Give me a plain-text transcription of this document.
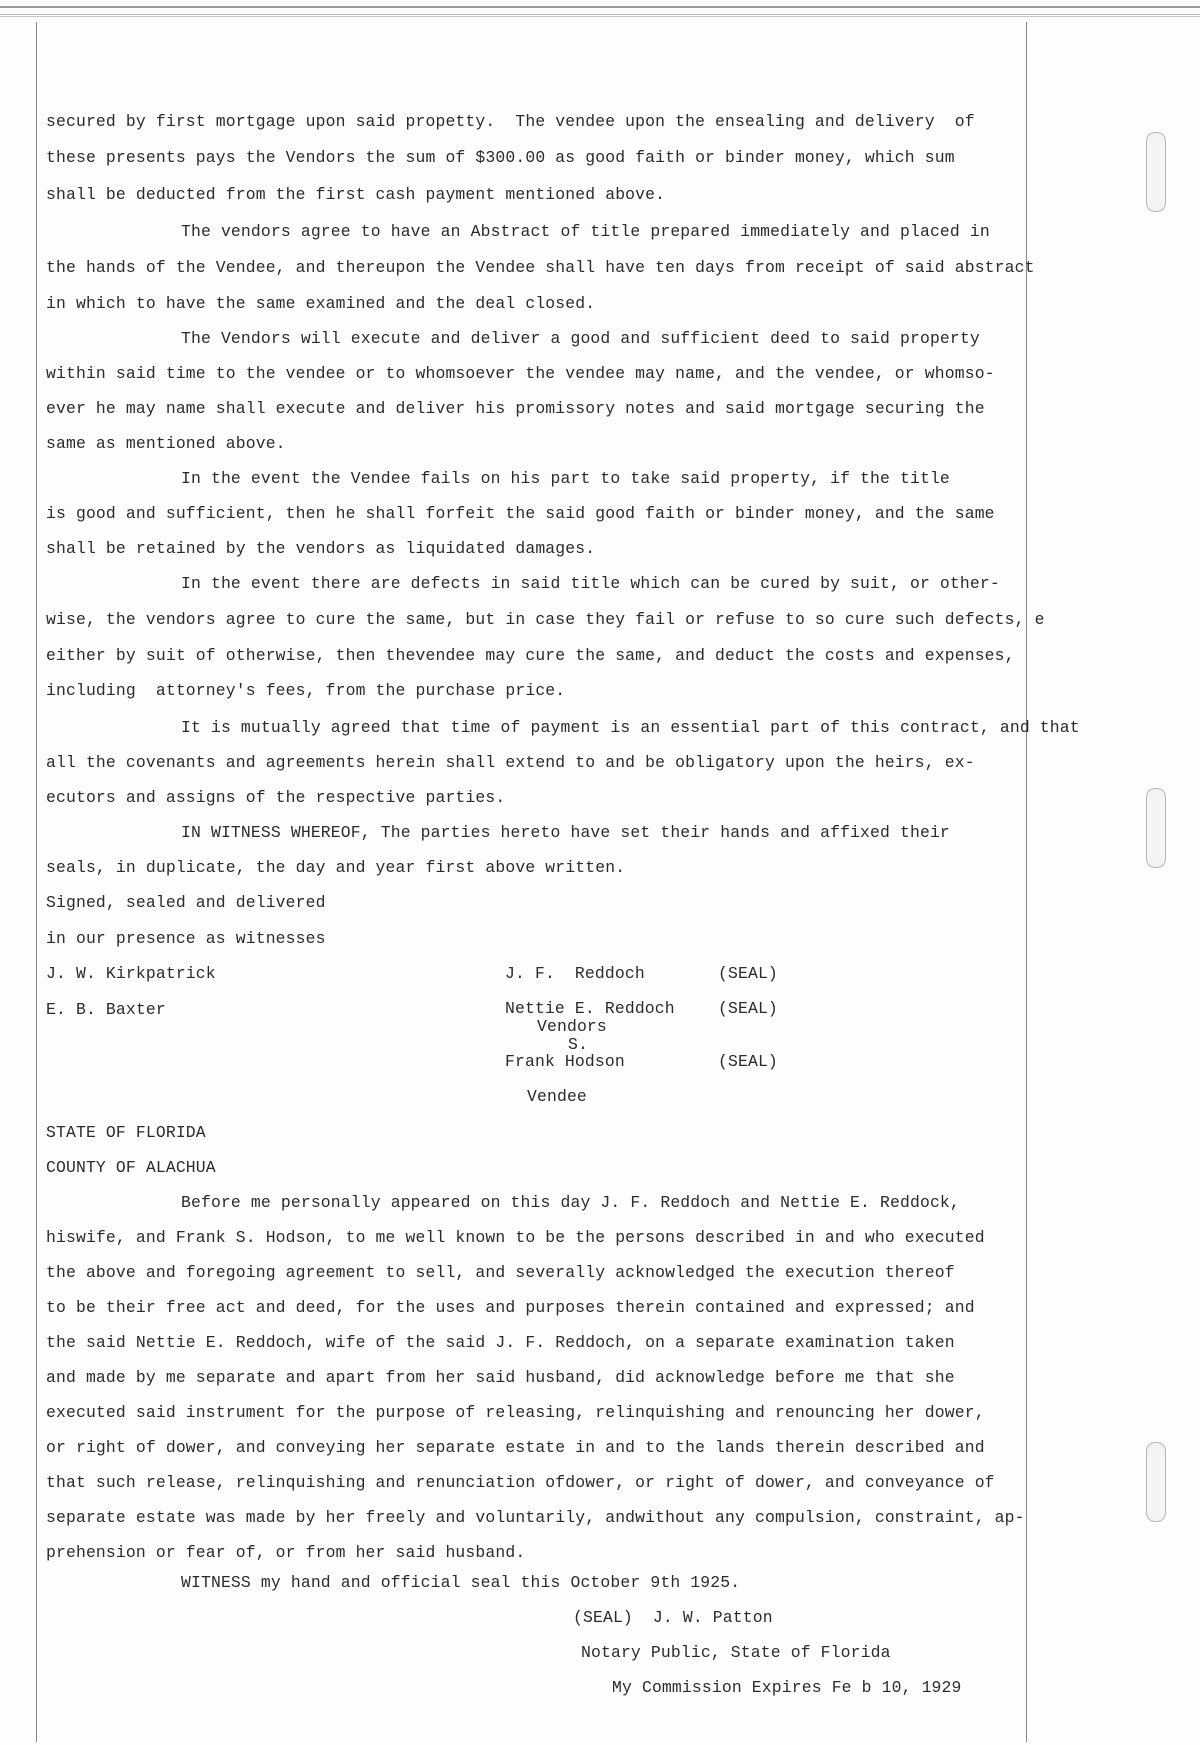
secured by first mortgage upon said propetty.  The vendee upon the ensealing and delivery  of
these presents pays the Vendors the sum of $300.00 as good faith or binder money, which sum
shall be deducted from the first cash payment mentioned above.
The vendors agree to have an Abstract of title prepared immediately and placed in
the hands of the Vendee, and thereupon the Vendee shall have ten days from receipt of said abstract
in which to have the same examined and the deal closed.
The Vendors will execute and deliver a good and sufficient deed to said property
within said time to the vendee or to whomsoever the vendee may name, and the vendee, or whomso-
ever he may name shall execute and deliver his promissory notes and said mortgage securing the
same as mentioned above.
In the event the Vendee fails on his part to take said property, if the title
is good and sufficient, then he shall forfeit the said good faith or binder money, and the same
shall be retained by the vendors as liquidated damages.
In the event there are defects in said title which can be cured by suit, or other-
wise, the vendors agree to cure the same, but in case they fail or refuse to so cure such defects, e
either by suit of otherwise, then thevendee may cure the same, and deduct the costs and expenses,
including  attorney's fees, from the purchase price.
It is mutually agreed that time of payment is an essential part of this contract, and that
all the covenants and agreements herein shall extend to and be obligatory upon the heirs, ex-
ecutors and assigns of the respective parties.
IN WITNESS WHEREOF, The parties hereto have set their hands and affixed their
seals, in duplicate, the day and year first above written.
Signed, sealed and delivered
in our presence as witnesses
J. W. Kirkpatrick
E. B. Baxter
J. F.  Reddoch	(SEAL)
Nettie E. Reddoch	(SEAL)
Vendors
S.
Frank Hodson	(SEAL)
Vendee
STATE OF FLORIDA
COUNTY OF ALACHUA
Before me personally appeared on this day J. F. Reddoch and Nettie E. Reddock,
hiswife, and Frank S. Hodson, to me well known to be the persons described in and who executed
the above and foregoing agreement to sell, and severally acknowledged the execution thereof
to be their free act and deed, for the uses and purposes therein contained and expressed; and
the said Nettie E. Reddoch, wife of the said J. F. Reddoch, on a separate examination taken
and made by me separate and apart from her said husband, did acknowledge before me that she
executed said instrument for the purpose of releasing, relinquishing and renouncing her dower,
or right of dower, and conveying her separate estate in and to the lands therein described and
that such release, relinquishing and renunciation ofdower, or right of dower, and conveyance of
separate estate was made by her freely and voluntarily, andwithout any compulsion, constraint, ap-
prehension or fear of, or from her said husband.
WITNESS my hand and official seal this October 9th 1925.
(SEAL)  J. W. Patton
Notary Public, State of Florida
My Commission Expires Fe b 10, 1929
